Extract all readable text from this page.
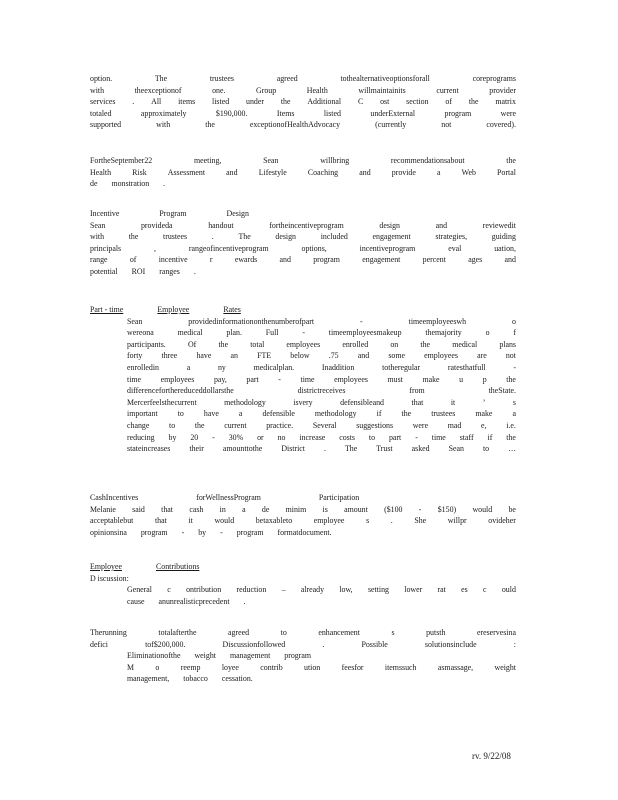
option.	The	trustees	agreed	tothealternativeoptionsforall	coreprograms
with	theexceptionof	one.	Group	Health	willmaintainits	current	provider
services . All items listed under the Additional C ost section of the matrix
totaled	approximately	$190,000.	Items	listed	underExternal	program	were
supported	with	the	exceptionofHealthAdvocacy	(currently	not	covered).
FortheSeptember22	meeting,	Sean	willbring	recommendationsabout	the
Health	Risk	Assessment	and	Lifestyle	Coaching	and	provide	a	Web	Portal
de monstration .
Incentive	Program	Design
Sean	provideda	handout	fortheincentiveprogram	design	and	reviewedit
with	the	trustees	.	The	design	included	engagement	strategies,	guiding
principals	,	rangeofincentiveprogram	options,	incentiveprogram	eval	uation,
range	of	incentive	r	ewards	and	program	engagement	percent	ages	and
potential ROI ranges .
Part - time	Employee	Rates
Sean	providedinformationonthenumberofpart	-	timeemployeeswh	o
wereona	medical	plan.	Full	-	timeemployeesmakeup	themajority	o	f
participants.	Of	the	total	employees	enrolled	on	the	medical	plans
forty three have an FTE below .75 and some employees are not
enrolledin	a	ny	medicalplan.	Inaddition	totheregular	ratesthatfull	-
time employees pay, part - time employees must make u p the
differenceforthereduceddollarsthe	districtreceives	from	theState.
Mercerfeelsthecurrent	methodology	isvery	defensibleand	that	it	’	s
important	to	have	a	defensible	methodology	if	the	trustees	make	a
change to the current practice. Several suggestions were mad e, i.e.
reducing by 20 - 30% or no increase costs to part - time staff if the
stateincreases their amounttothe District . The Trust asked Sean to …
CashIncentives	forWellnessProgram	Participation
Melanie said that cash in a de minim is amount ($100 - $150) would be
acceptablebut	that	it	would	betaxableto	employee	s	.	She	willpr	ovideher
opinionsina program - by - program formatdocument.
Employee	Contributions
D iscussion:
General c ontribution reduction – already low, setting lower rat es c ould
cause anunrealisticprecedent .
Therunning	totalafterthe	agreed	to	enhancement	s	putsth	ereservesina
defici	tof$200,000.	Discussionfollowed	.	Possible	solutionsinclude	:
Eliminationofthe weight management program
M	o	reemp	loyee	contrib	ution	feesfor	itemssuch	asmassage,	weight
management, tobacco cessation.
rv. 9/22/08
